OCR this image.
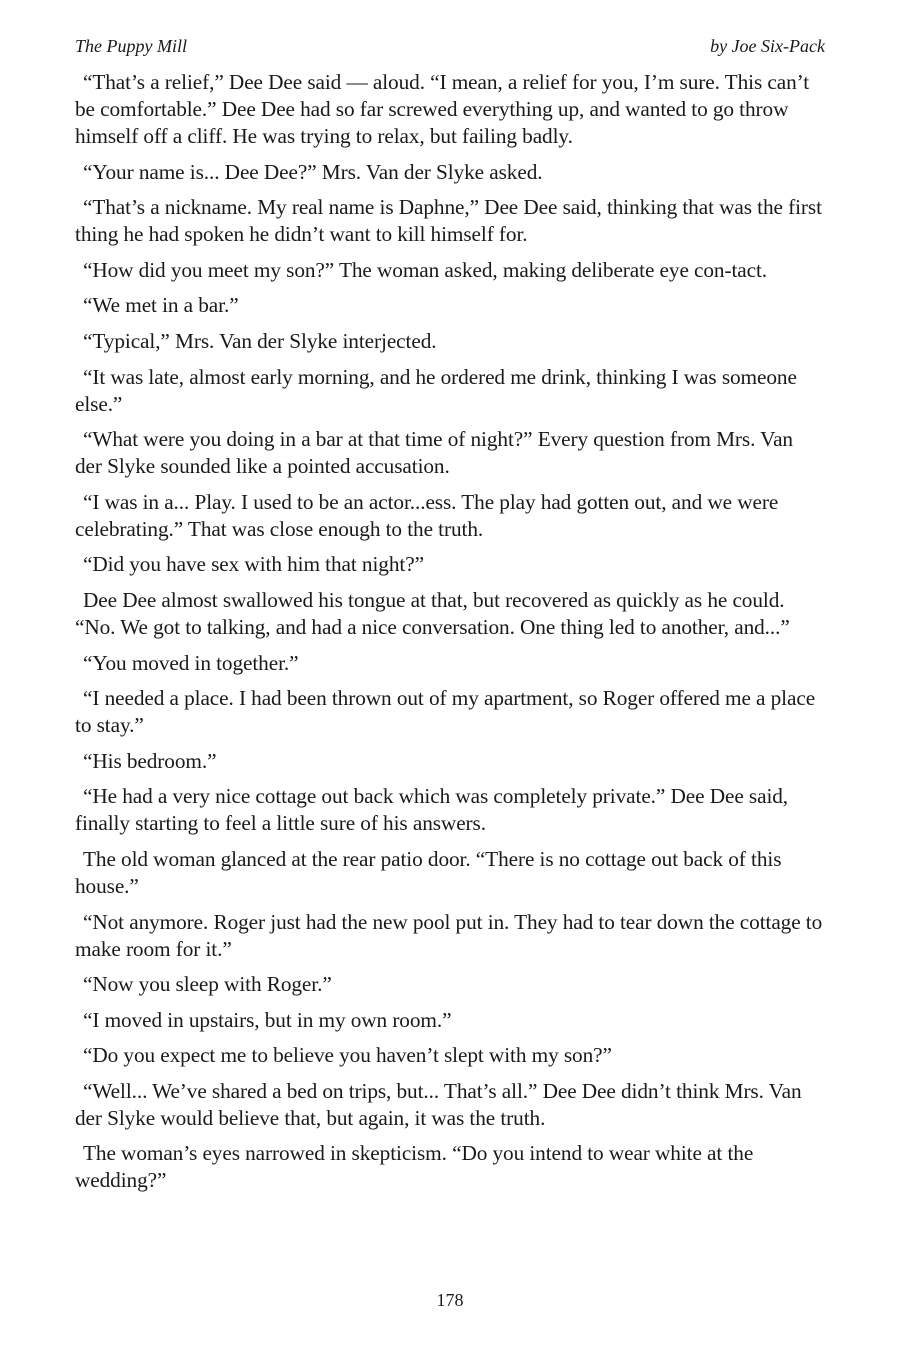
The Puppy Mill	by Joe Six-Pack

“That’s a relief,” Dee Dee said — aloud. “I mean, a relief for you, I’m sure. This can’t be comfortable.” Dee Dee had so far screwed everything up, and wanted to go throw himself off a cliff. He was trying to relax, but failing badly.

“Your name is... Dee Dee?” Mrs. Van der Slyke asked.

“That’s a nickname. My real name is Daphne,” Dee Dee said, thinking that was the first thing he had spoken he didn’t want to kill himself for.

“How did you meet my son?” The woman asked, making deliberate eye con-tact.

“We met in a bar.”

“Typical,” Mrs. Van der Slyke interjected.

“It was late, almost early morning, and he ordered me drink, thinking I was someone else.”

“What were you doing in a bar at that time of night?” Every question from Mrs. Van der Slyke sounded like a pointed accusation.

“I was in a... Play. I used to be an actor...ess. The play had gotten out, and we were celebrating.” That was close enough to the truth.

“Did you have sex with him that night?”

Dee Dee almost swallowed his tongue at that, but recovered as quickly as he could. “No. We got to talking, and had a nice conversation. One thing led to another, and...”

“You moved in together.”

“I needed a place. I had been thrown out of my apartment, so Roger offered me a place to stay.”

“His bedroom.”

“He had a very nice cottage out back which was completely private.” Dee Dee said, finally starting to feel a little sure of his answers.

The old woman glanced at the rear patio door. “There is no cottage out back of this house.”

“Not anymore. Roger just had the new pool put in. They had to tear down the cottage to make room for it.”

“Now you sleep with Roger.”

“I moved in upstairs, but in my own room.”

“Do you expect me to believe you haven’t slept with my son?”

“Well... We’ve shared a bed on trips, but... That’s all.” Dee Dee didn’t think Mrs. Van der Slyke would believe that, but again, it was the truth.

The woman’s eyes narrowed in skepticism. “Do you intend to wear white at the wedding?”

178
